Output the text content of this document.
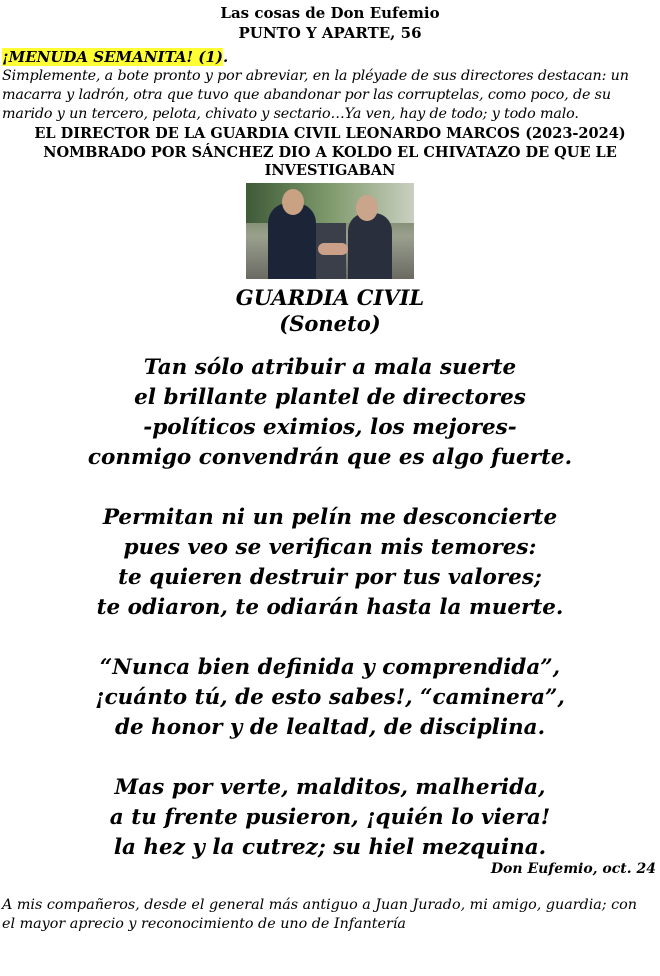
Las cosas de Don Eufemio
PUNTO Y APARTE, 56
¡MENUDA SEMANITA! (1).
Simplemente, a bote pronto y por abreviar, en la pléyade de sus directores destacan: un macarra y ladrón, otra que tuvo que abandonar por las corruptelas, como poco, de su marido y un tercero, pelota, chivato y sectario…Ya ven, hay de todo; y todo malo.
EL DIRECTOR DE LA GUARDIA CIVIL LEONARDO MARCOS (2023-2024) NOMBRADO POR SÁNCHEZ DIO A KOLDO EL CHIVATAZO DE QUE LE INVESTIGABAN
GUARDIA CIVIL
(Soneto)
Tan sólo atribuir a mala suerte
el brillante plantel de directores
-políticos eximios, los mejores-
conmigo convendrán que es algo fuerte.
Permitan ni un pelín me desconcierte
pues veo se verifican mis temores:
te quieren destruir por tus valores;
te odiaron, te odiarán hasta la muerte.
“Nunca bien definida y comprendida”,
¡cuánto tú, de esto sabes!, “caminera”,
de honor y de lealtad, de disciplina.
Mas por verte, malditos, malherida,
a tu frente pusieron, ¡quién lo viera!
la hez y la cutrez; su hiel mezquina.
Don Eufemio, oct. 24
A mis compañeros, desde el general más antiguo a Juan Jurado, mi amigo, guardia; con el mayor aprecio y reconocimiento de uno de Infantería
